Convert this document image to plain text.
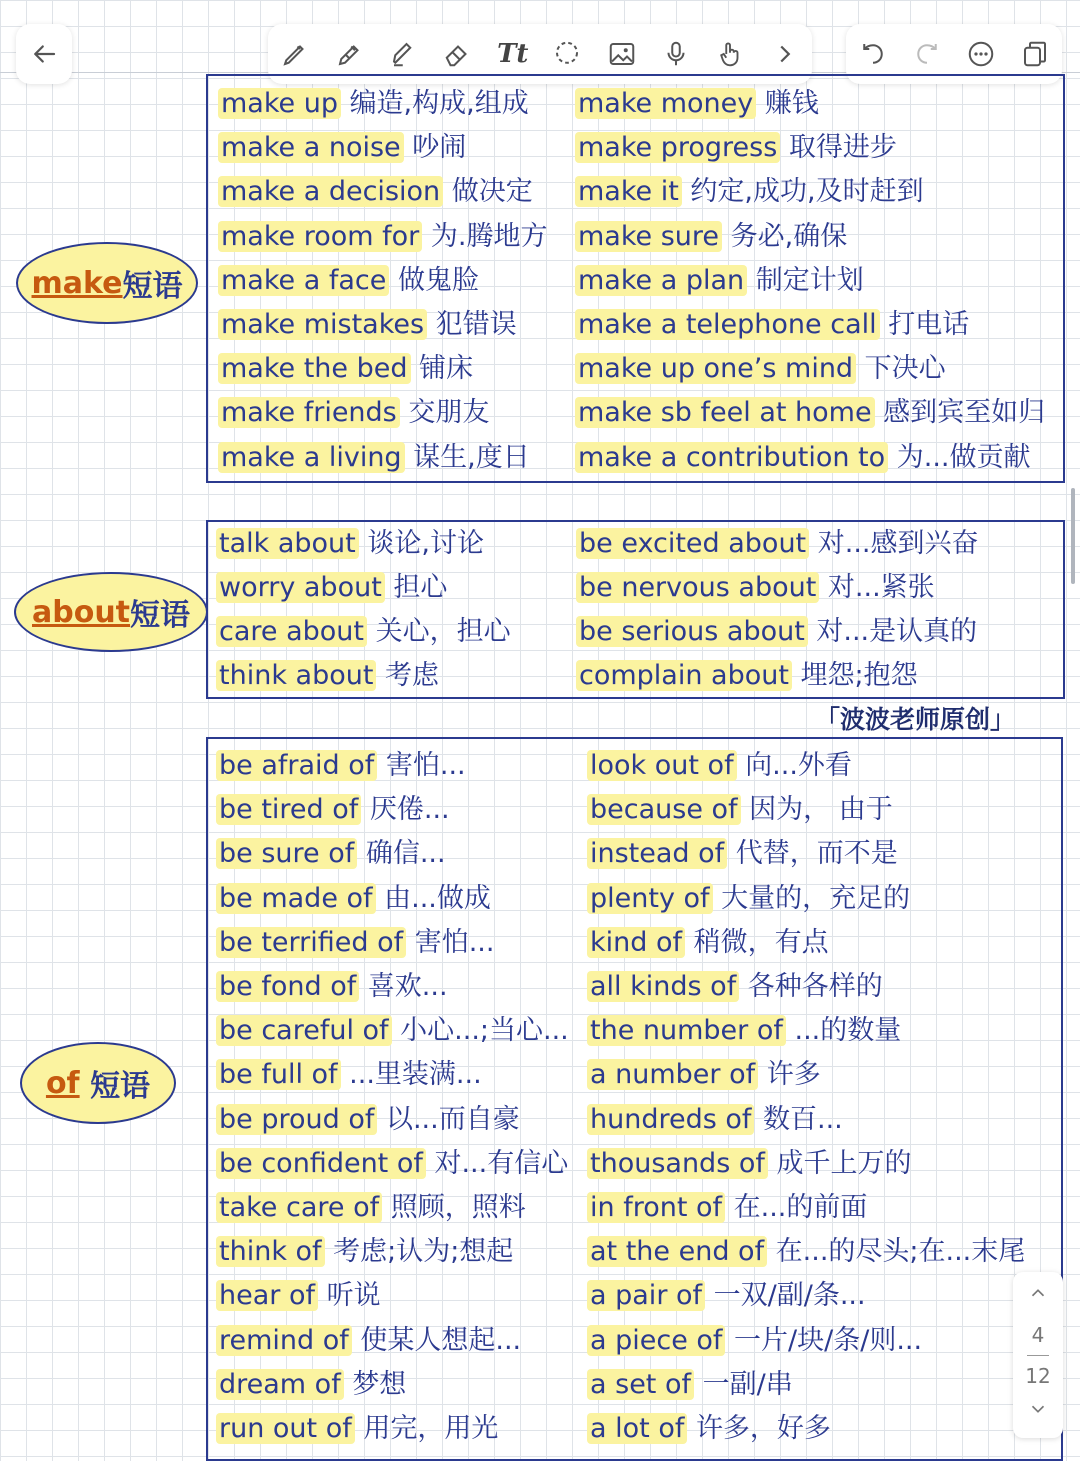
Tt
make 短语
make up 编造,构成,组成
make a noise 吵闹
make a decision 做决定
make room for 为.腾地方
make a face 做鬼脸
make mistakes 犯错误
make the bed 铺床
make friends 交朋友
make a living 谋生,度日
make money 赚钱
make progress 取得进步
make it 约定,成功,及时赶到
make sure 务必,确保
make a plan 制定计划
make a telephone call 打电话
make up one’s mind 下决心
make sb feel at home 感到宾至如归
make a contribution to 为...做贡献
about 短语
talk about 谈论,讨论
worry about 担心
care about 关心，担心
think about 考虑
be excited about 对...感到兴奋
be nervous about 对...紧张
be serious about 对...是认真的
complain about 埋怨;抱怨
「波波老师原创」
of
短语
be afraid of 害怕...
be tired of 厌倦...
be sure of 确信...
be made of 由...做成
be terrified of 害怕...
be fond of 喜欢...
be careful of 小心...;当心...
be full of ...里装满...
be proud of 以...而自豪
be confident of 对...有信心
take care of 照顾，照料
think of 考虑;认为;想起
hear of 听说
remind of 使某人想起...
dream of 梦想
run out of 用完，用光
look out of 向...外看
because of 因为， 由于
instead of 代替，而不是
plenty of 大量的，充足的
kind of 稍微，有点
all kinds of 各种各样的
the number of ...的数量
a number of 许多
hundreds of 数百...
thousands of 成千上万的
in front of 在...的前面
at the end of 在...的尽头;在...末尾
a pair of 一双/副/条...
a piece of 一片/块/条/则...
a set of 一副/串
a lot of 许多，好多
4
12
